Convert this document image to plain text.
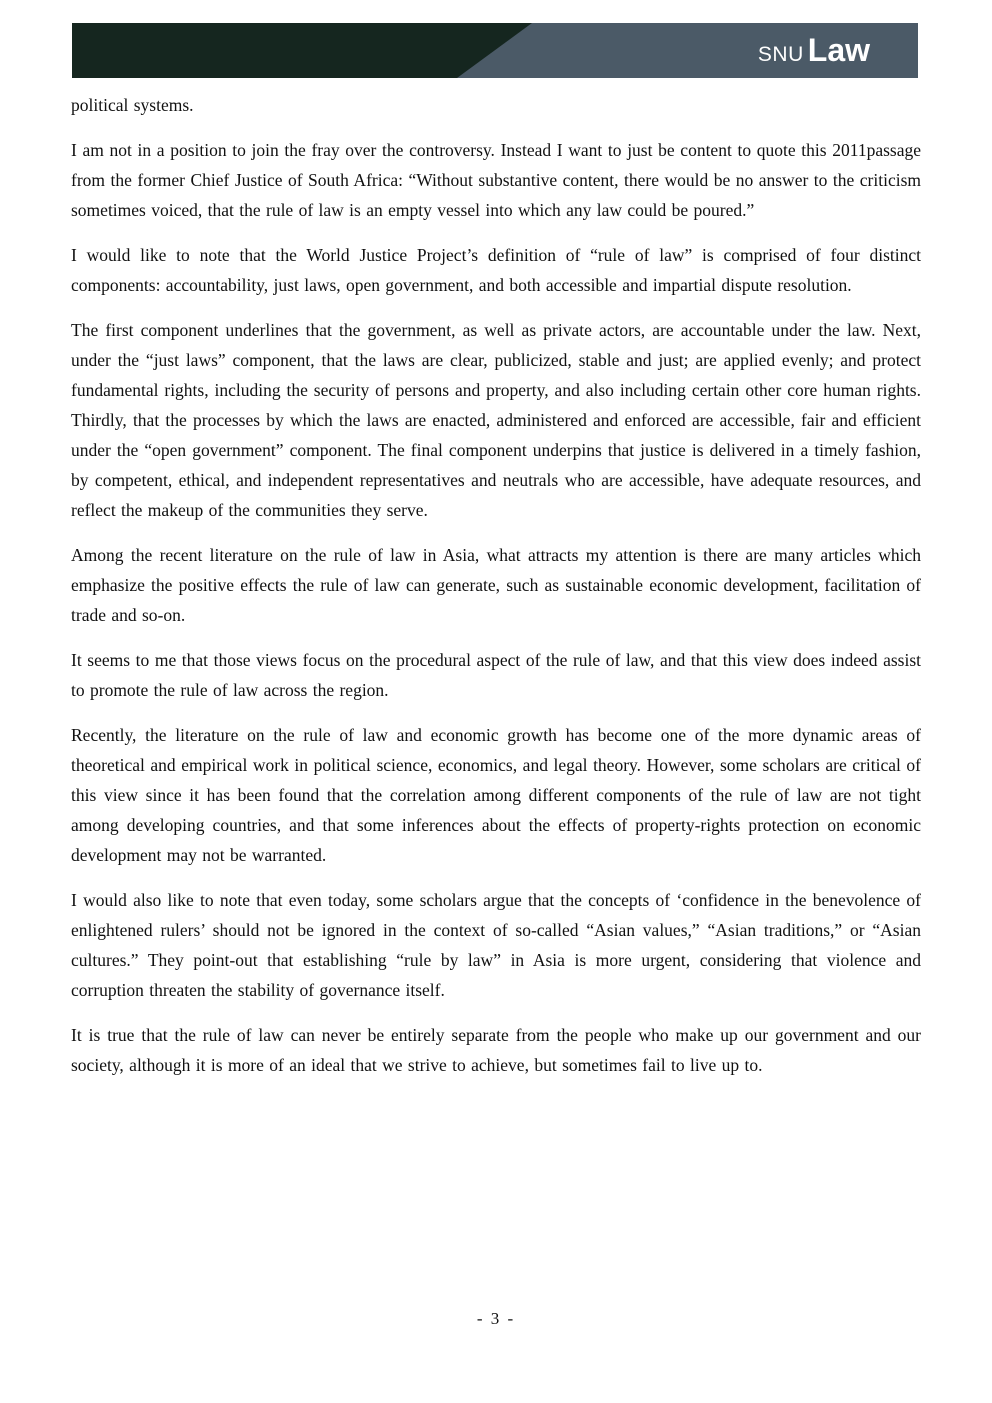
SNU Law

political systems.

I am not in a position to join the fray over the controversy. Instead I want to just be content to quote this 2011passage from the former Chief Justice of South Africa: “Without substantive content, there would be no answer to the criticism sometimes voiced, that the rule of law is an empty vessel into which any law could be poured.”

I would like to note that the World Justice Project’s definition of “rule of law” is comprised of four distinct components: accountability, just laws, open government, and both accessible and impartial dispute resolution.

The first component underlines that the government, as well as private actors, are accountable under the law. Next, under the “just laws” component, that the laws are clear, publicized, stable and just; are applied evenly; and protect fundamental rights, including the security of persons and property, and also including certain other core human rights. Thirdly, that the processes by which the laws are enacted, administered and enforced are accessible, fair and efficient under the “open government” component. The final component underpins that justice is delivered in a timely fashion, by competent, ethical, and independent representatives and neutrals who are accessible, have adequate resources, and reflect the makeup of the communities they serve.

Among the recent literature on the rule of law in Asia, what attracts my attention is there are many articles which emphasize the positive effects the rule of law can generate, such as sustainable economic development, facilitation of trade and so-on.

It seems to me that those views focus on the procedural aspect of the rule of law, and that this view does indeed assist to promote the rule of law across the region.

Recently, the literature on the rule of law and economic growth has become one of the more dynamic areas of theoretical and empirical work in political science, economics, and legal theory. However, some scholars are critical of this view since it has been found that the correlation among different components of the rule of law are not tight among developing countries, and that some inferences about the effects of property-rights protection on economic development may not be warranted.

I would also like to note that even today, some scholars argue that the concepts of ‘confidence in the benevolence of enlightened rulers’ should not be ignored in the context of so-called “Asian values,” “Asian traditions,” or “Asian cultures.” They point-out that establishing “rule by law” in Asia is more urgent, considering that violence and corruption threaten the stability of governance itself.

It is true that the rule of law can never be entirely separate from the people who make up our government and our society, although it is more of an ideal that we strive to achieve, but sometimes fail to live up to.

- 3 -
